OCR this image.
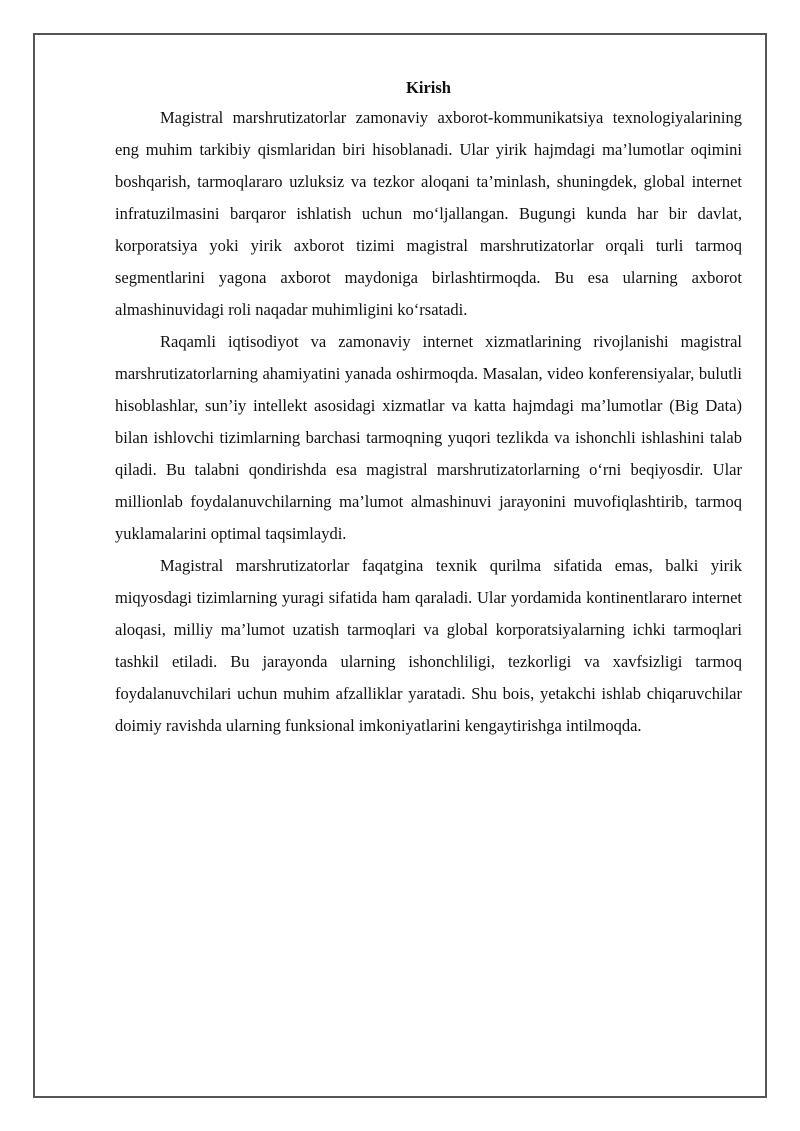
Kirish

Magistral marshrutizatorlar zamonaviy axborot-kommunikatsiya texnologiyalarining eng muhim tarkibiy qismlaridan biri hisoblanadi. Ular yirik hajmdagi ma’lumotlar oqimini boshqarish, tarmoqlararo uzluksiz va tezkor aloqani ta’minlash, shuningdek, global internet infratuzilmasini barqaror ishlatish uchun mo‘ljallangan. Bugungi kunda har bir davlat, korporatsiya yoki yirik axborot tizimi magistral marshrutizatorlar orqali turli tarmoq segmentlarini yagona axborot maydoniga birlashtirmoqda. Bu esa ularning axborot almashinuvidagi roli naqadar muhimligini ko‘rsatadi.

Raqamli iqtisodiyot va zamonaviy internet xizmatlarining rivojlanishi magistral marshrutizatorlarning ahamiyatini yanada oshirmoqda. Masalan, video konferensiyalar, bulutli hisoblashlar, sun’iy intellekt asosidagi xizmatlar va katta hajmdagi ma’lumotlar (Big Data) bilan ishlovchi tizimlarning barchasi tarmoqning yuqori tezlikda va ishonchli ishlashini talab qiladi. Bu talabni qondirishda esa magistral marshrutizatorlarning o‘rni beqiyosdir. Ular millionlab foydalanuvchilarning ma’lumot almashinuvi jarayonini muvofiqlashtirib, tarmoq yuklamalarini optimal taqsimlaydi.

Magistral marshrutizatorlar faqatgina texnik qurilma sifatida emas, balki yirik miqyosdagi tizimlarning yuragi sifatida ham qaraladi. Ular yordamida kontinentlararo internet aloqasi, milliy ma’lumot uzatish tarmoqlari va global korporatsiyalarning ichki tarmoqlari tashkil etiladi. Bu jarayonda ularning ishonchliligi, tezkorligi va xavfsizligi tarmoq foydalanuvchilari uchun muhim afzalliklar yaratadi. Shu bois, yetakchi ishlab chiqaruvchilar doimiy ravishda ularning funksional imkoniyatlarini kengaytirishga intilmoqda.
